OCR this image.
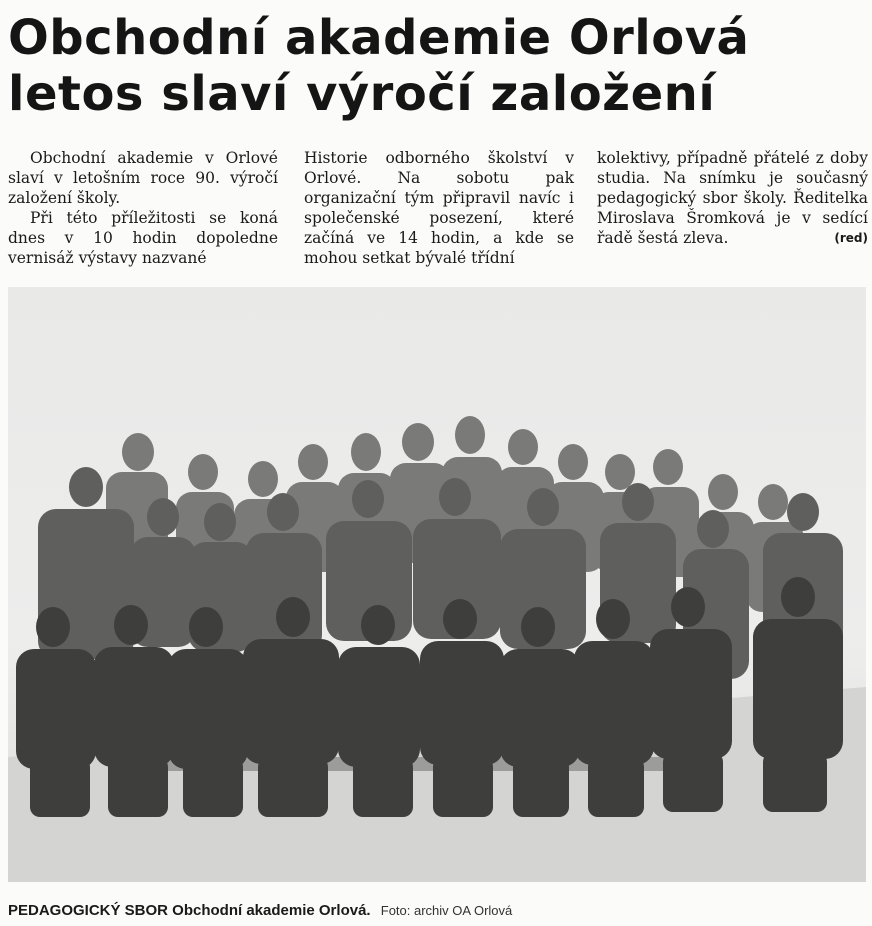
Obchodní akademie Orlová
letos slaví výročí založení

Obchodní akademie v Orlové slaví v letošním roce 90. výročí založení školy.

Při této příležitosti se koná dnes v 10 hodin dopoledne vernisáž výstavy nazvané

Historie odborného školství v Orlové. Na sobotu pak organizační tým připravil navíc i společenské posezení, které začíná ve 14 hodin, a kde se mohou setkat bývalé třídní

kolektivy, případně přátelé z doby studia. Na snímku je současný pedagogický sbor školy. Ředitelka Miroslava Šromková je v sedící řadě šestá zleva.	(red)
PEDAGOGICKÝ SBOR Obchodní akademie Orlová. Foto: archiv OA Orlová
